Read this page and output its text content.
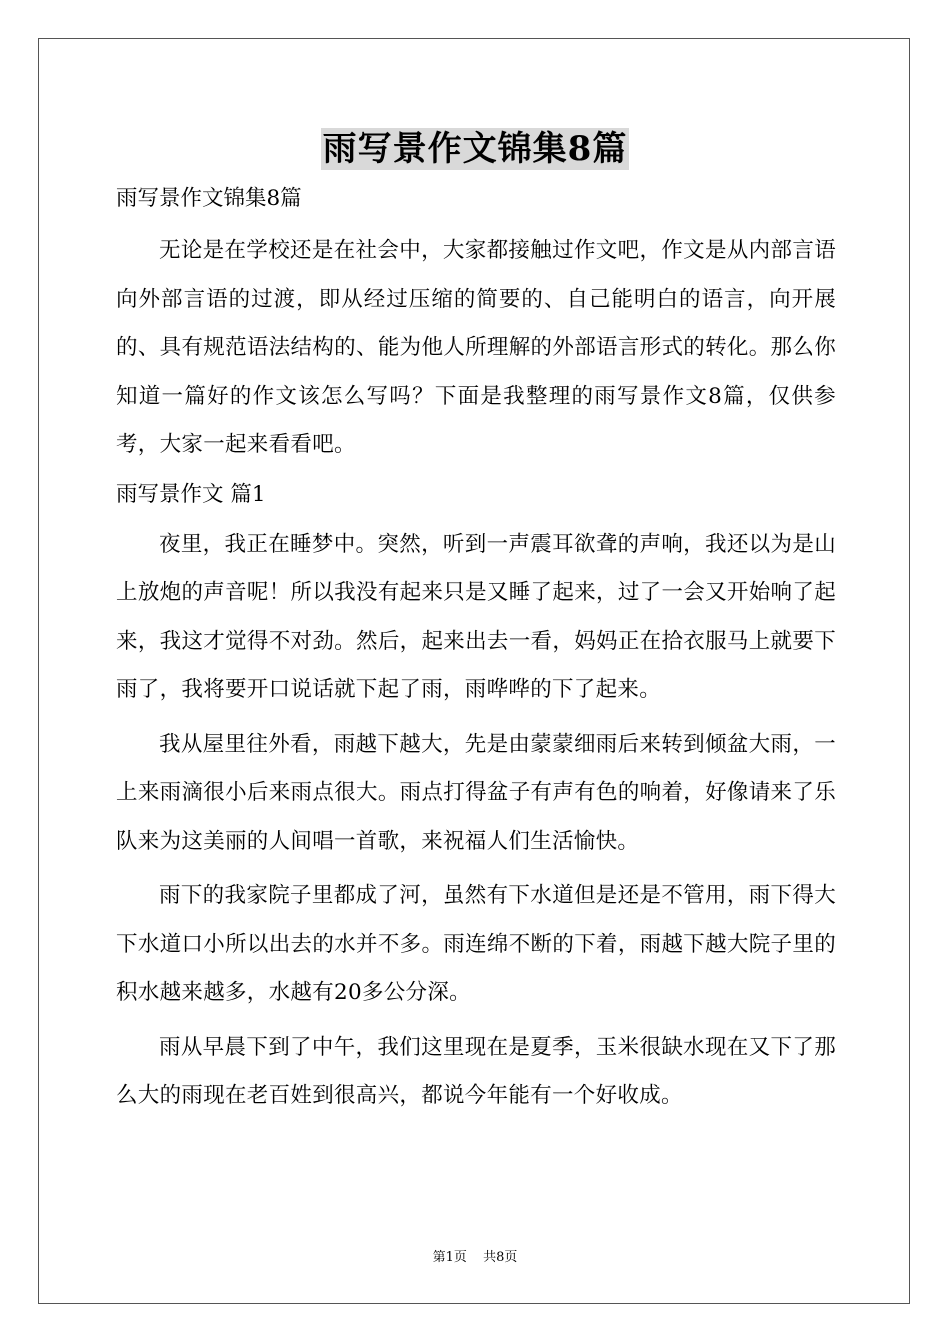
雨写景作文锦集8篇

雨写景作文锦集8篇

无论是在学校还是在社会中，大家都接触过作文吧，作文是从内部言语向外部言语的过渡，即从经过压缩的简要的、自己能明白的语言，向开展的、具有规范语法结构的、能为他人所理解的外部语言形式的转化。那么你知道一篇好的作文该怎么写吗？下面是我整理的雨写景作文8篇，仅供参考，大家一起来看看吧。

雨写景作文 篇1

夜里，我正在睡梦中。突然，听到一声震耳欲聋的声响，我还以为是山上放炮的声音呢！所以我没有起来只是又睡了起来，过了一会又开始响了起来，我这才觉得不对劲。然后，起来出去一看，妈妈正在拾衣服马上就要下雨了，我将要开口说话就下起了雨，雨哗哗的下了起来。

我从屋里往外看，雨越下越大，先是由蒙蒙细雨后来转到倾盆大雨，一上来雨滴很小后来雨点很大。雨点打得盆子有声有色的响着，好像请来了乐队来为这美丽的人间唱一首歌，来祝福人们生活愉快。

雨下的我家院子里都成了河，虽然有下水道但是还是不管用，雨下得大下水道口小所以出去的水并不多。雨连绵不断的下着，雨越下越大院子里的积水越来越多，水越有20多公分深。

雨从早晨下到了中午，我们这里现在是夏季，玉米很缺水现在又下了那么大的雨现在老百姓到很高兴，都说今年能有一个好收成。

第1页 共8页
